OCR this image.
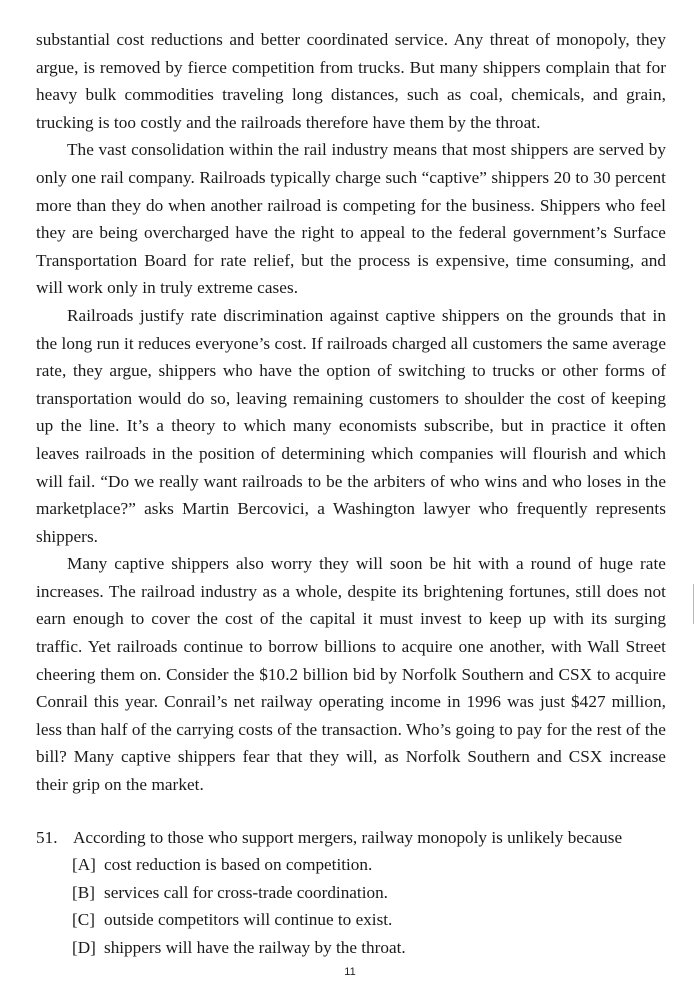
substantial cost reductions and better coordinated service. Any threat of monopoly, they argue, is removed by fierce competition from trucks. But many shippers complain that for heavy bulk commodities traveling long distances, such as coal, chemicals, and grain, trucking is too costly and the railroads therefore have them by the throat.

The vast consolidation within the rail industry means that most shippers are served by only one rail company. Railroads typically charge such “captive” shippers 20 to 30 percent more than they do when another railroad is competing for the business. Shippers who feel they are being overcharged have the right to appeal to the federal government’s Surface Transportation Board for rate relief, but the process is expensive, time consuming, and will work only in truly extreme cases.

Railroads justify rate discrimination against captive shippers on the grounds that in the long run it reduces everyone’s cost. If railroads charged all customers the same average rate, they argue, shippers who have the option of switching to trucks or other forms of transportation would do so, leaving remaining customers to shoulder the cost of keeping up the line. It’s a theory to which many economists subscribe, but in practice it often leaves railroads in the position of determining which companies will flourish and which will fail. “Do we really want railroads to be the arbiters of who wins and who loses in the marketplace?” asks Martin Bercovici, a Washington lawyer who frequently represents shippers.

Many captive shippers also worry they will soon be hit with a round of huge rate increases. The railroad industry as a whole, despite its brightening fortunes, still does not earn enough to cover the cost of the capital it must invest to keep up with its surging traffic. Yet railroads continue to borrow billions to acquire one another, with Wall Street cheering them on. Consider the $10.2 billion bid by Norfolk Southern and CSX to acquire Conrail this year. Conrail’s net railway operating income in 1996 was just $427 million, less than half of the carrying costs of the transaction. Who’s going to pay for the rest of the bill? Many captive shippers fear that they will, as Norfolk Southern and CSX increase their grip on the market.

51. According to those who support mergers, railway monopoly is unlikely because

[A] cost reduction is based on competition.
[B] services call for cross-trade coordination.
[C] outside competitors will continue to exist.
[D] shippers will have the railway by the throat.
11
